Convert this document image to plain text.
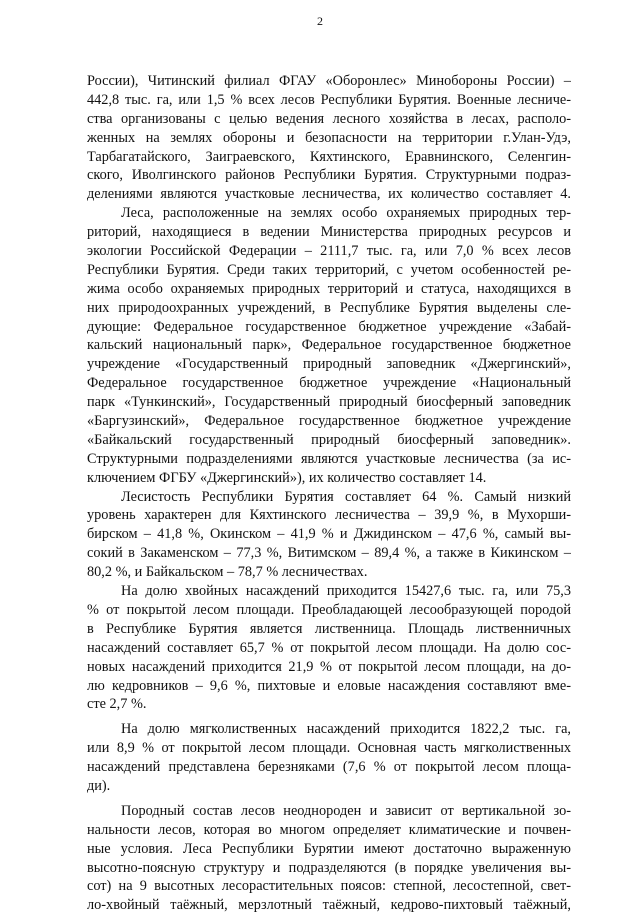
2
России), Читинский филиал ФГАУ «Оборонлес» Минобороны России) –
442,8 тыс. га, или 1,5 % всех лесов Республики Бурятия. Военные лесниче-
ства организованы с целью ведения лесного хозяйства в лесах, располо-
женных на землях обороны и безопасности на территории г.Улан-Удэ,
Тарбагатайского, Заиграевского, Кяхтинского, Еравнинского, Селенгин-
ского, Иволгинского районов Республики Бурятия. Структурными подраз-
делениями являются участковые лесничества, их количество составляет 4.
Леса, расположенные на землях особо охраняемых природных тер-
риторий, находящиеся в ведении Министерства природных ресурсов и
экологии Российской Федерации – 2111,7 тыс. га, или 7,0 % всех лесов
Республики Бурятия. Среди таких территорий, с учетом особенностей ре-
жима особо охраняемых природных территорий и статуса, находящихся в
них природоохранных учреждений, в Республике Бурятия выделены сле-
дующие: Федеральное государственное бюджетное учреждение «Забай-
кальский национальный парк», Федеральное государственное бюджетное
учреждение «Государственный природный заповедник «Джергинский»,
Федеральное государственное бюджетное учреждение «Национальный
парк «Тункинский», Государственный природный биосферный заповедник
«Баргузинский», Федеральное государственное бюджетное учреждение
«Байкальский государственный природный биосферный заповедник».
Структурными подразделениями являются участковые лесничества (за ис-
ключением ФГБУ «Джергинский»), их количество составляет 14.
Лесистость Республики Бурятия составляет 64 %. Самый низкий
уровень характерен для Кяхтинского лесничества – 39,9 %, в Мухорши-
бирском – 41,8 %, Окинском – 41,9 % и Джидинском – 47,6 %, самый вы-
сокий в Закаменском – 77,3 %, Витимском – 89,4 %, а также в Кикинском –
80,2 %, и Байкальском – 78,7 % лесничествах.
На долю хвойных насаждений приходится 15427,6 тыс. га, или 75,3
% от покрытой лесом площади. Преобладающей лесообразующей породой
в Республике Бурятия является лиственница. Площадь лиственничных
насаждений составляет 65,7 % от покрытой лесом площади. На долю сос-
новых насаждений приходится 21,9 % от покрытой лесом площади, на до-
лю кедровников – 9,6 %, пихтовые и еловые насаждения составляют вме-
сте 2,7 %.
На долю мягколиственных насаждений приходится 1822,2 тыс. га,
или 8,9 % от покрытой лесом площади. Основная часть мягколиственных
насаждений представлена березняками (7,6 % от покрытой лесом площа-
ди).
Породный состав лесов неоднороден и зависит от вертикальной зо-
нальности лесов, которая во многом определяет климатические и почвен-
ные условия. Леса Республики Бурятии имеют достаточно выраженную
высотно-поясную структуру и подразделяются (в порядке увеличения вы-
сот) на 9 высотных лесорастительных поясов: степной, лесостепной, свет-
ло-хвойный таёжный, мерзлотный таёжный, кедрово-пихтовый таёжный,
